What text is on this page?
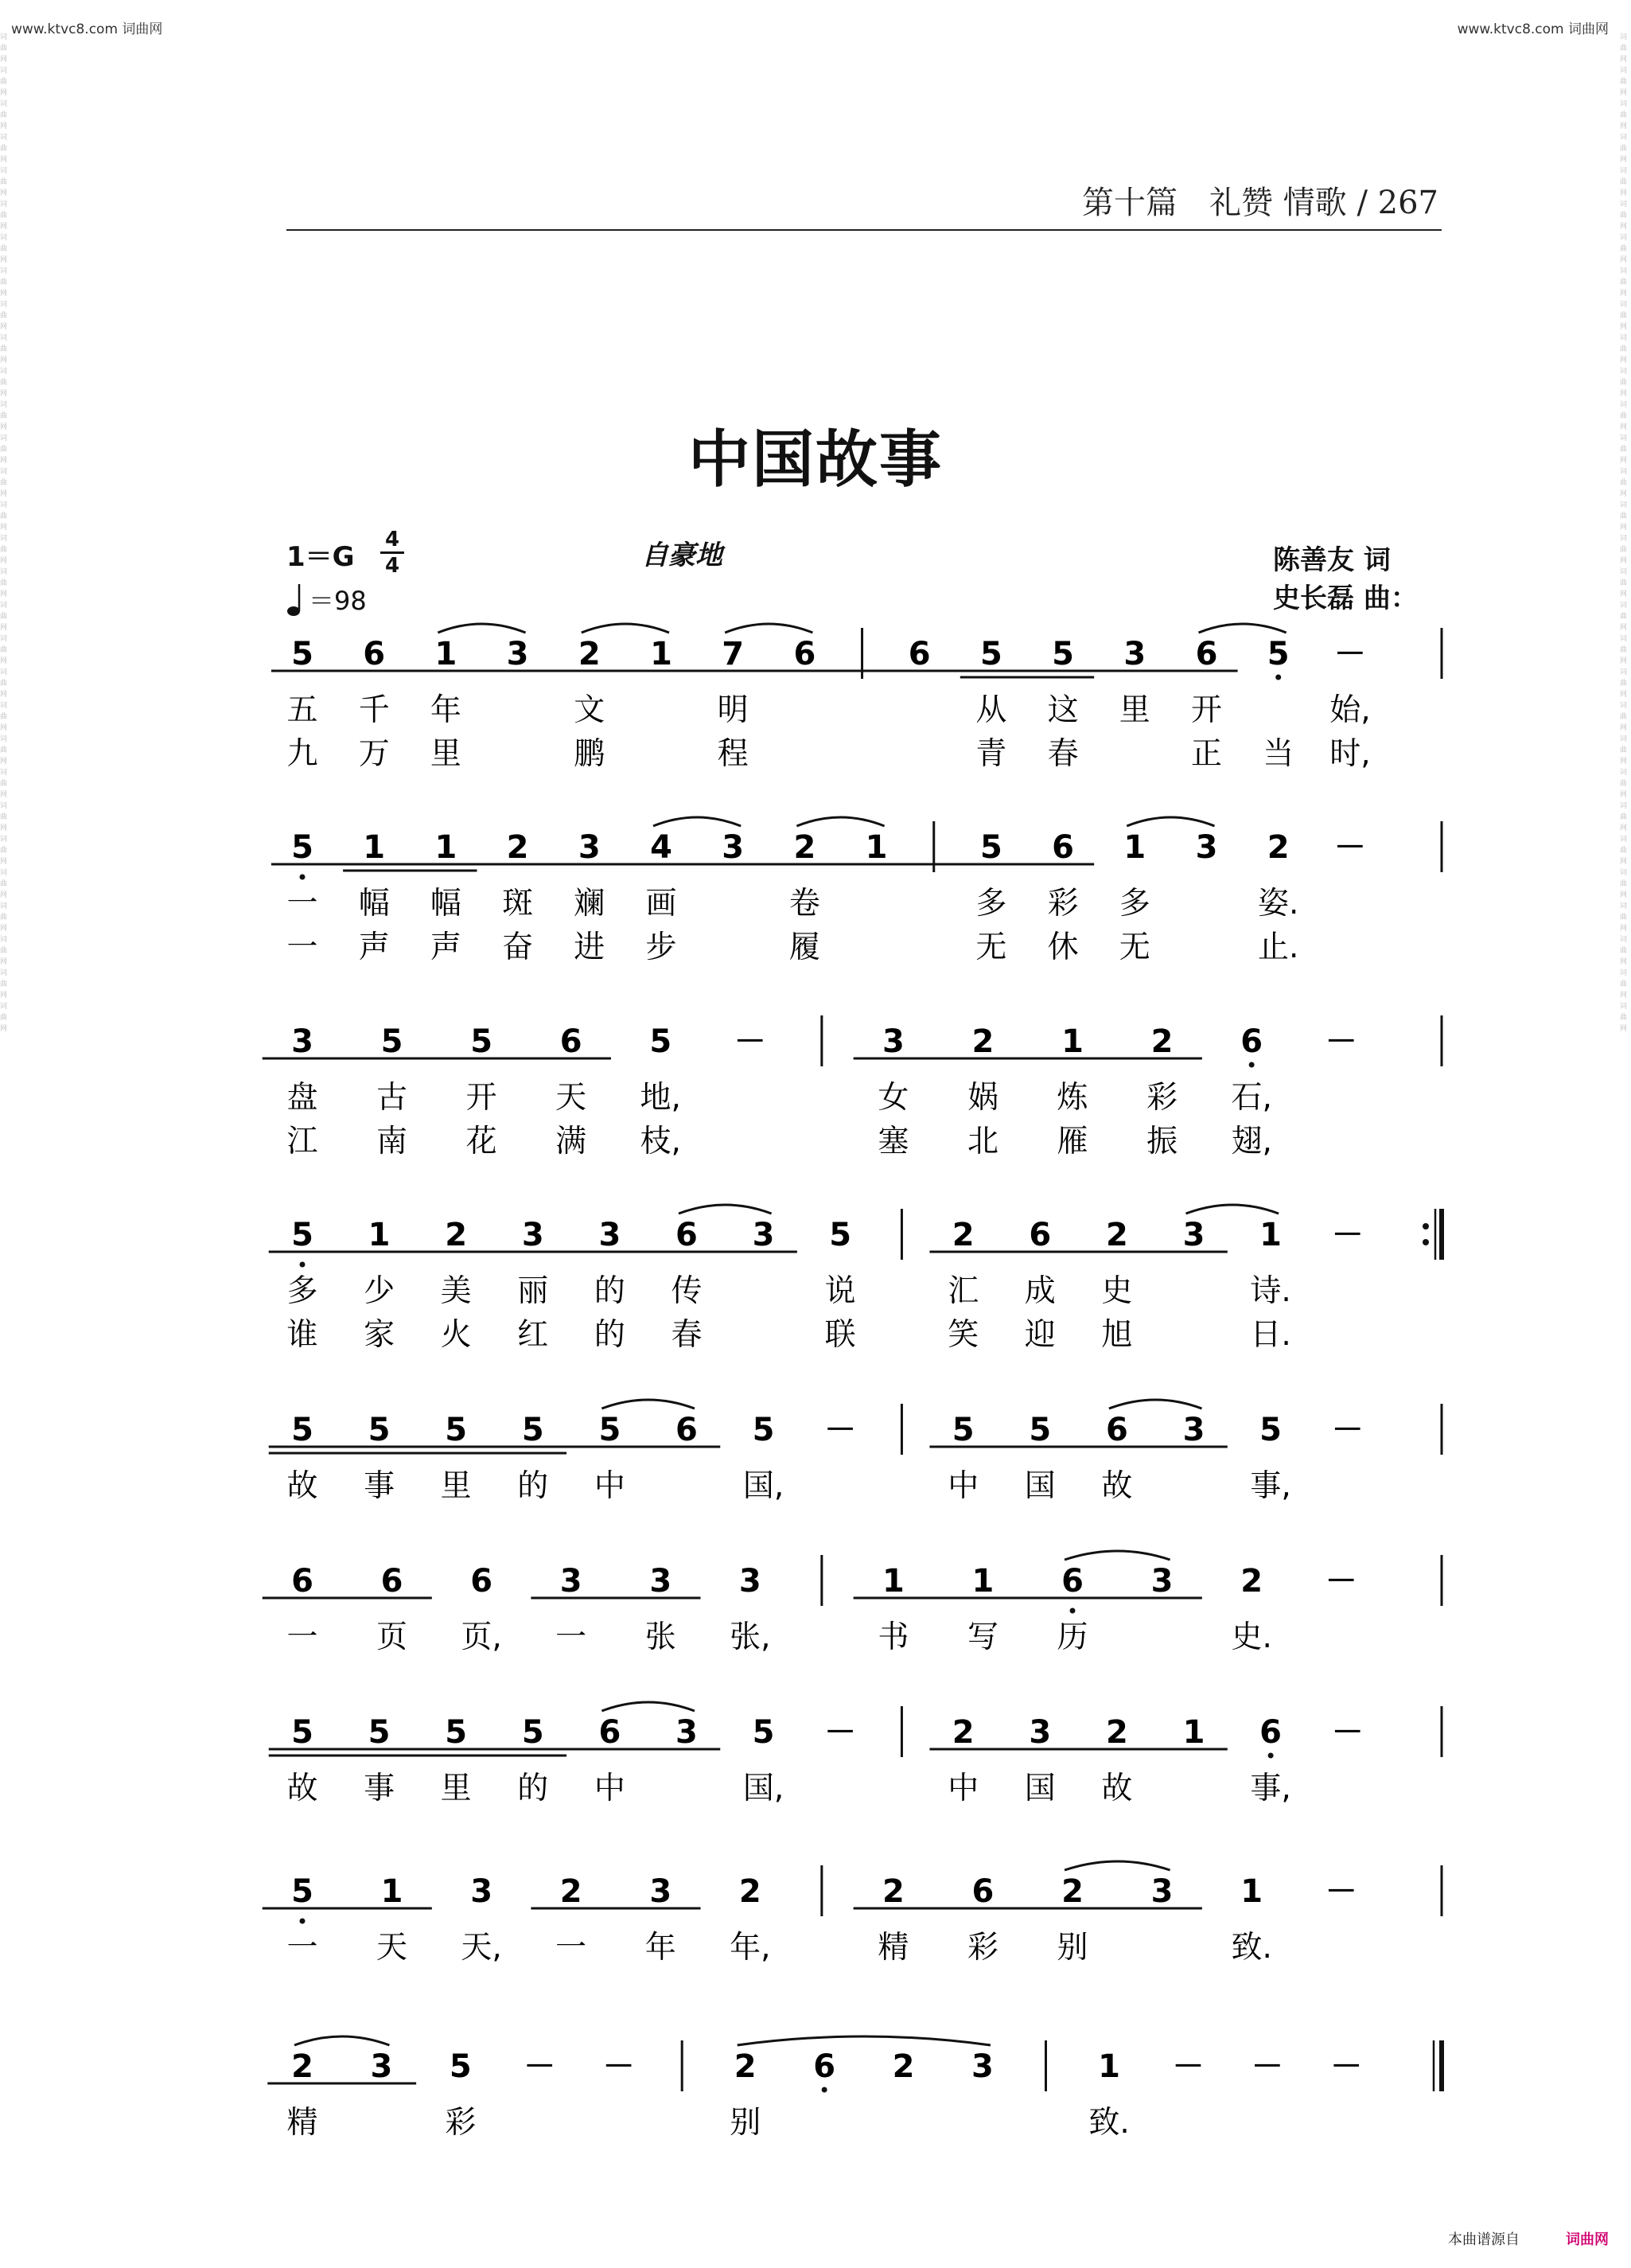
www.ktvc8.com 词曲网	www.ktvc8.com 词曲网
词曲网词曲网词曲网词曲网词曲网词曲网词曲网词曲网词曲网词曲网词曲网词曲网词曲网词曲网词曲网词曲网词曲网词曲网词曲网词曲网词曲网词曲网词曲网词曲网词曲网词曲网词曲网词曲网词曲网词曲网
词曲网词曲网词曲网词曲网词曲网词曲网词曲网词曲网词曲网词曲网词曲网词曲网词曲网词曲网词曲网词曲网词曲网词曲网词曲网词曲网词曲网词曲网词曲网词曲网词曲网词曲网词曲网词曲网词曲网词曲网
第十篇　礼赞 情歌 / 267
中国故事
1＝G
4
4
＝98
自豪地	陈善友 词
史长磊 曲：
5 6 1 3 2 1 7 6	6 5 5 3 6 5 －
五 千 年	文	明	从 这 里 开	始,
九 万 里	鹏	程	青 春	正 当 时,
5 1 1 2 3 4 3 2 1	5 6 1 3 2 －
一 幅 幅 斑 斓 画	卷	多 彩 多	姿.
一 声 声 奋 进 步	履	无 休 无	止.
3 5 5 6 5 －	3 2 1 2 6 －
盘 古 开 天 地,	女 娲 炼 彩 石,
江 南 花 满 枝,	塞 北 雁 振 翅,
5 1 2 3 3 6 3 5	2 6 2 3 1 －
多 少 美 丽 的 传	说	汇 成 史	诗.
谁 家 火 红 的 春	联	笑 迎 旭	日.
5 5 5 5 5 6 5 －	5 5 6 3 5 －
故 事 里 的 中	国,	中 国 故	事,
6 6 6 3 3 3	1 1 6 3 2 －
一 页 页, 一 张 张,	书 写 历	史.
5 5 5 5 6 3 5 －	2 3 2 1 6 －
故 事 里 的 中	国,	中 国 故	事,
5 1 3 2 3 2	2 6 2 3 1 －
一 天 天, 一 年 年,	精 彩 别	致.
2 3 5 － －	2 6 2 3	1 － － －
精	彩	别	致.
本曲谱源自	词曲网
